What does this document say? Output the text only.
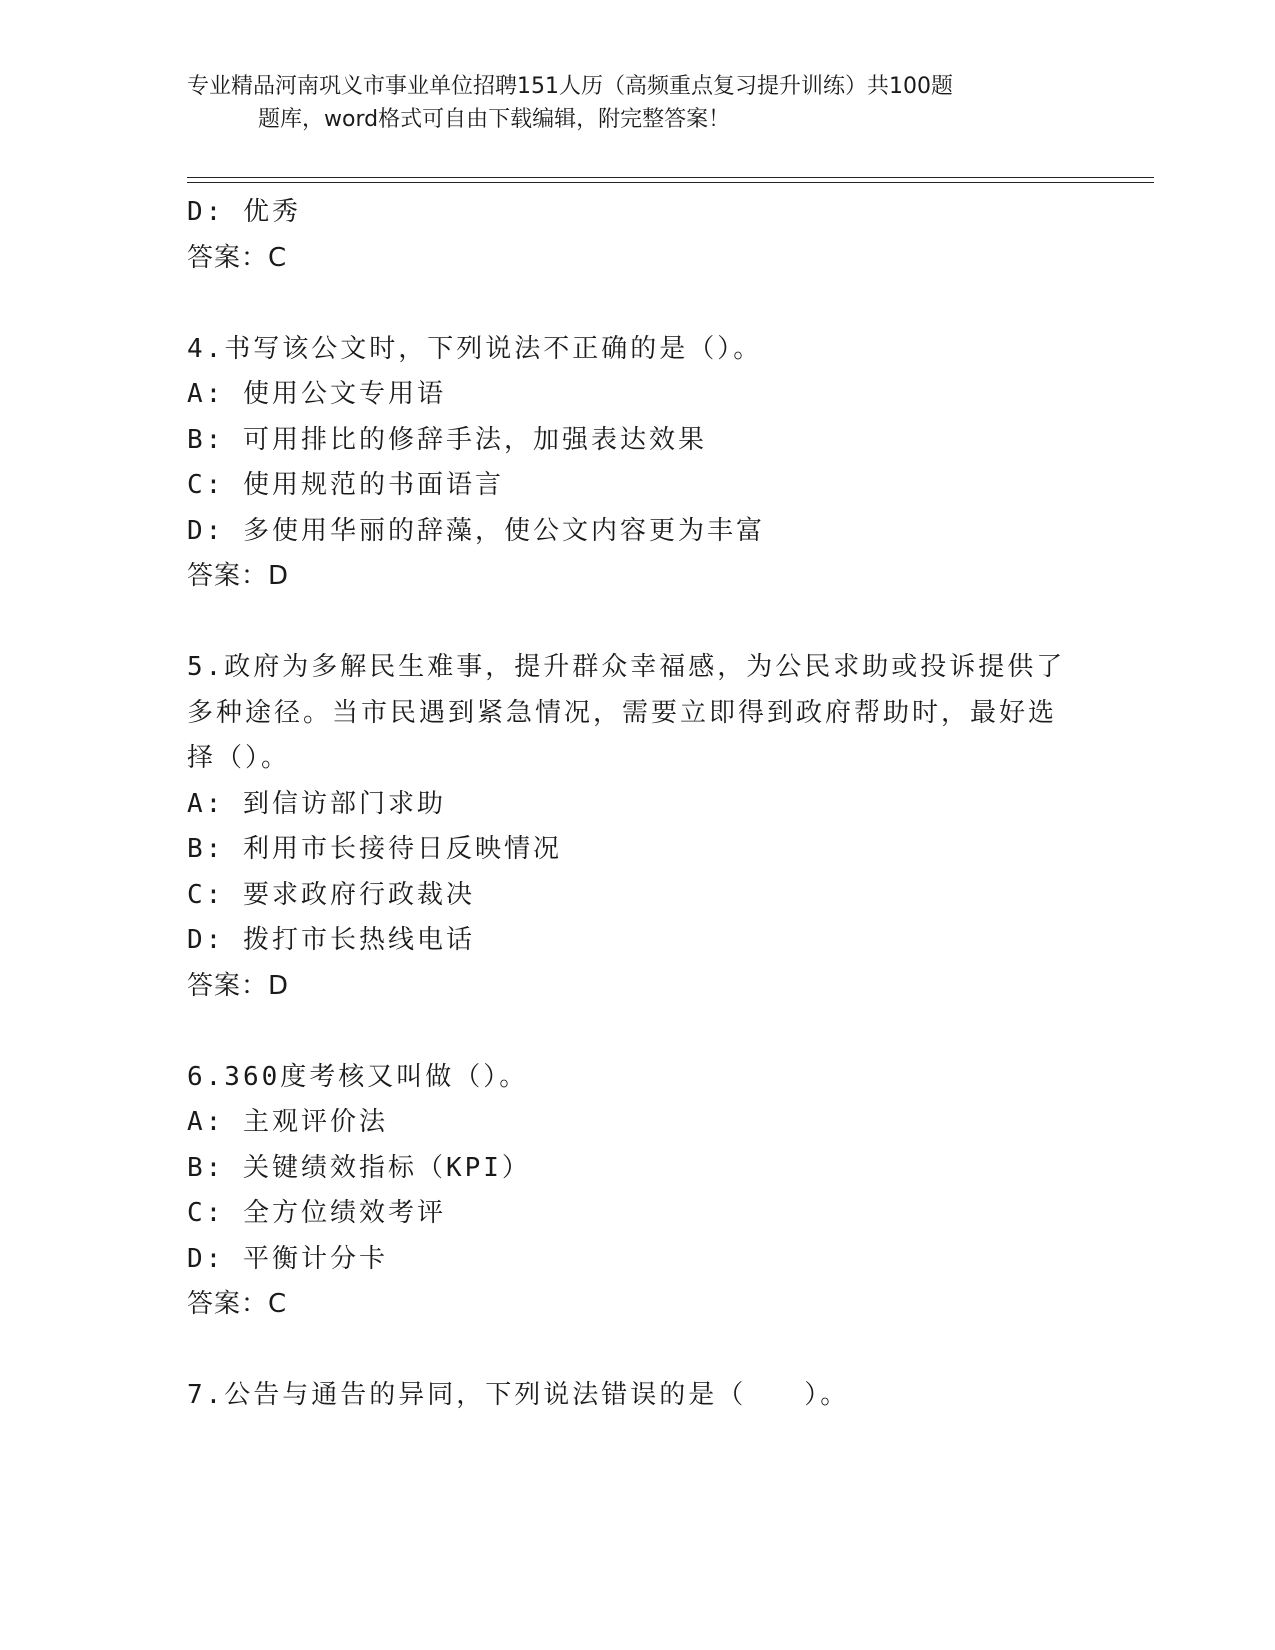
专业精品河南巩义市事业单位招聘151人历（高频重点复习提升训练）共100题
题库，word格式可自由下载编辑，附完整答案！
D: 优秀
答案：C
4.书写该公文时，下列说法不正确的是（）。
A: 使用公文专用语
B: 可用排比的修辞手法，加强表达效果
C: 使用规范的书面语言
D: 多使用华丽的辞藻，使公文内容更为丰富
答案：D
5.政府为多解民生难事，提升群众幸福感，为公民求助或投诉提供了
多种途径。当市民遇到紧急情况，需要立即得到政府帮助时，最好选
择（）。
A: 到信访部门求助
B: 利用市长接待日反映情况
C: 要求政府行政裁决
D: 拨打市长热线电话
答案：D
6.360度考核又叫做（）。
A: 主观评价法
B: 关键绩效指标（KPI）
C: 全方位绩效考评
D: 平衡计分卡
答案：C
7.公告与通告的异同，下列说法错误的是（　　）。
